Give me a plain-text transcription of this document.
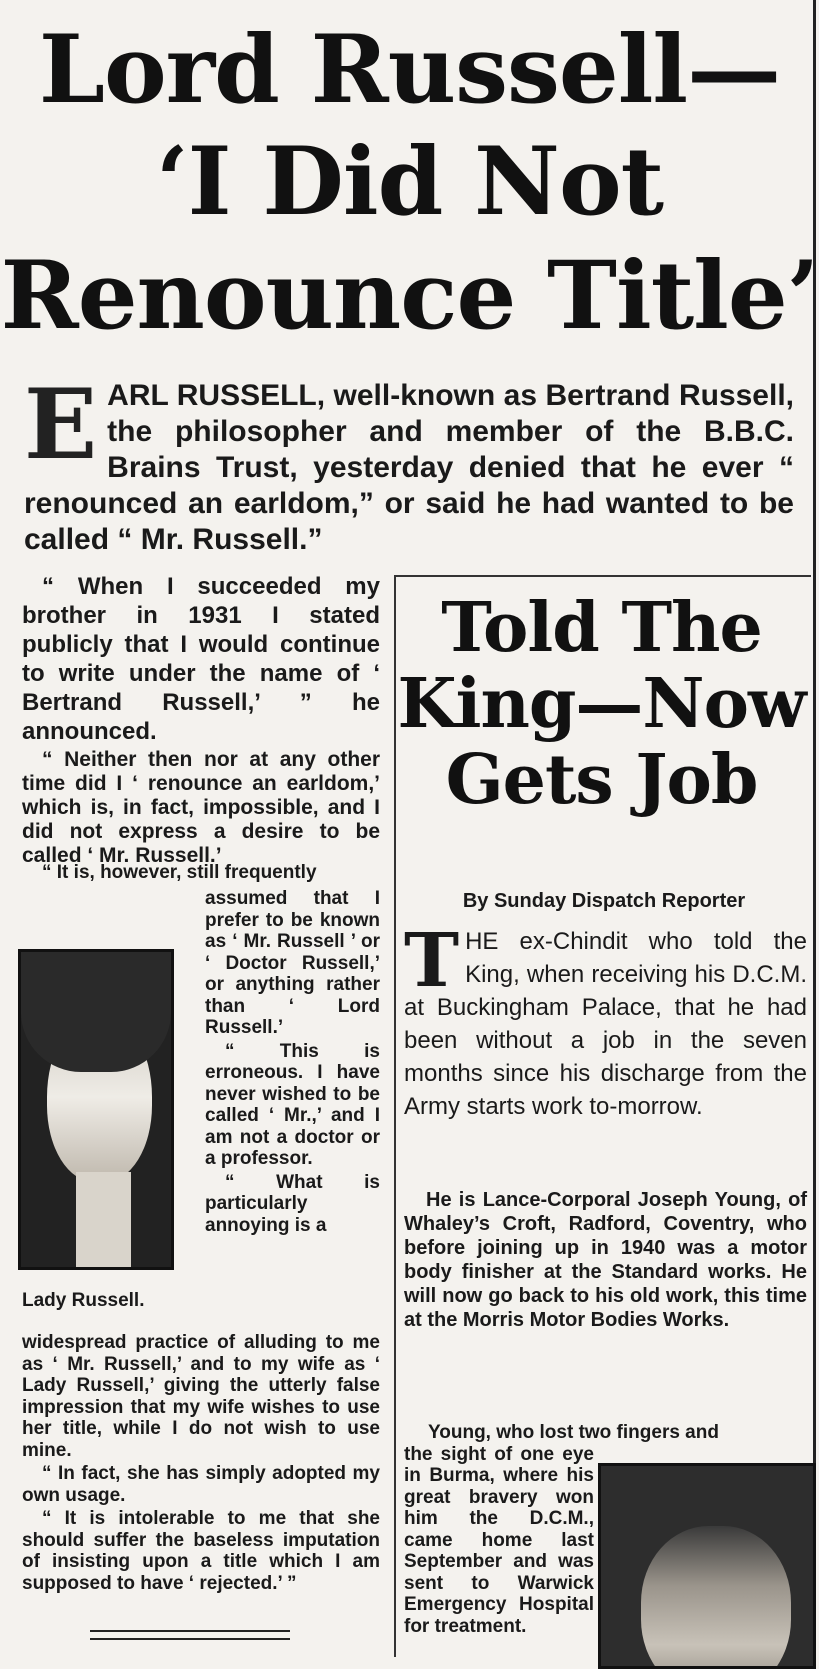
Lord Russell—
‘I Did Not
Renounce Title’
E ARL RUSSELL, well-known as Bertrand Russell, the philosopher and member of the B.B.C. Brains Trust, yesterday denied that he ever “ renounced an earldom,” or said he had wanted to be called “ Mr. Russell.”

“ When I succeeded my brother in 1931 I stated publicly that I would continue to write under the name of ‘ Bertrand Russell,’ ” he announced.

“ Neither then nor at any other time did I ‘ renounce an earldom,’ which is, in fact, impossible, and I did not express a desire to be called ‘ Mr. Russell.’

“ It is, however, still frequently
Lady Russell.

assumed that I prefer to be known as ‘ Mr. Russell ’ or ‘ Doctor Russell,’ or anything rather than ‘ Lord Russell.’

“ This is erroneous. I have never wished to be called ‘ Mr.,’ and I am not a doctor or a professor.

“ What is particularly annoying is a

widespread practice of alluding to me as ‘ Mr. Russell,’ and to my wife as ‘ Lady Russell,’ giving the utterly false impression that my wife wishes to use her title, while I do not wish to use mine.

“ In fact, she has simply adopted my own usage.

“ It is intolerable to me that she should suffer the baseless imputation of insisting upon a title which I am supposed to have ‘ rejected.’ ”

Told The
King—Now
Gets Job
By Sunday Dispatch Reporter
T HE ex-Chindit who told the King, when receiving his D.C.M. at Buckingham Palace, that he had been without a job in the seven months since his discharge from the Army starts work to-morrow.

He is Lance-Corporal Joseph Young, of Whaley’s Croft, Radford, Coventry, who before joining up in 1940 was a motor body finisher at the Standard works. He will now go back to his old work, this time at the Morris Motor Bodies Works.

Young, who lost two fingers and

the sight of one eye in Burma, where his great bravery won him the D.C.M., came home last September and was sent to Warwick Emergency Hospital for treatment.
